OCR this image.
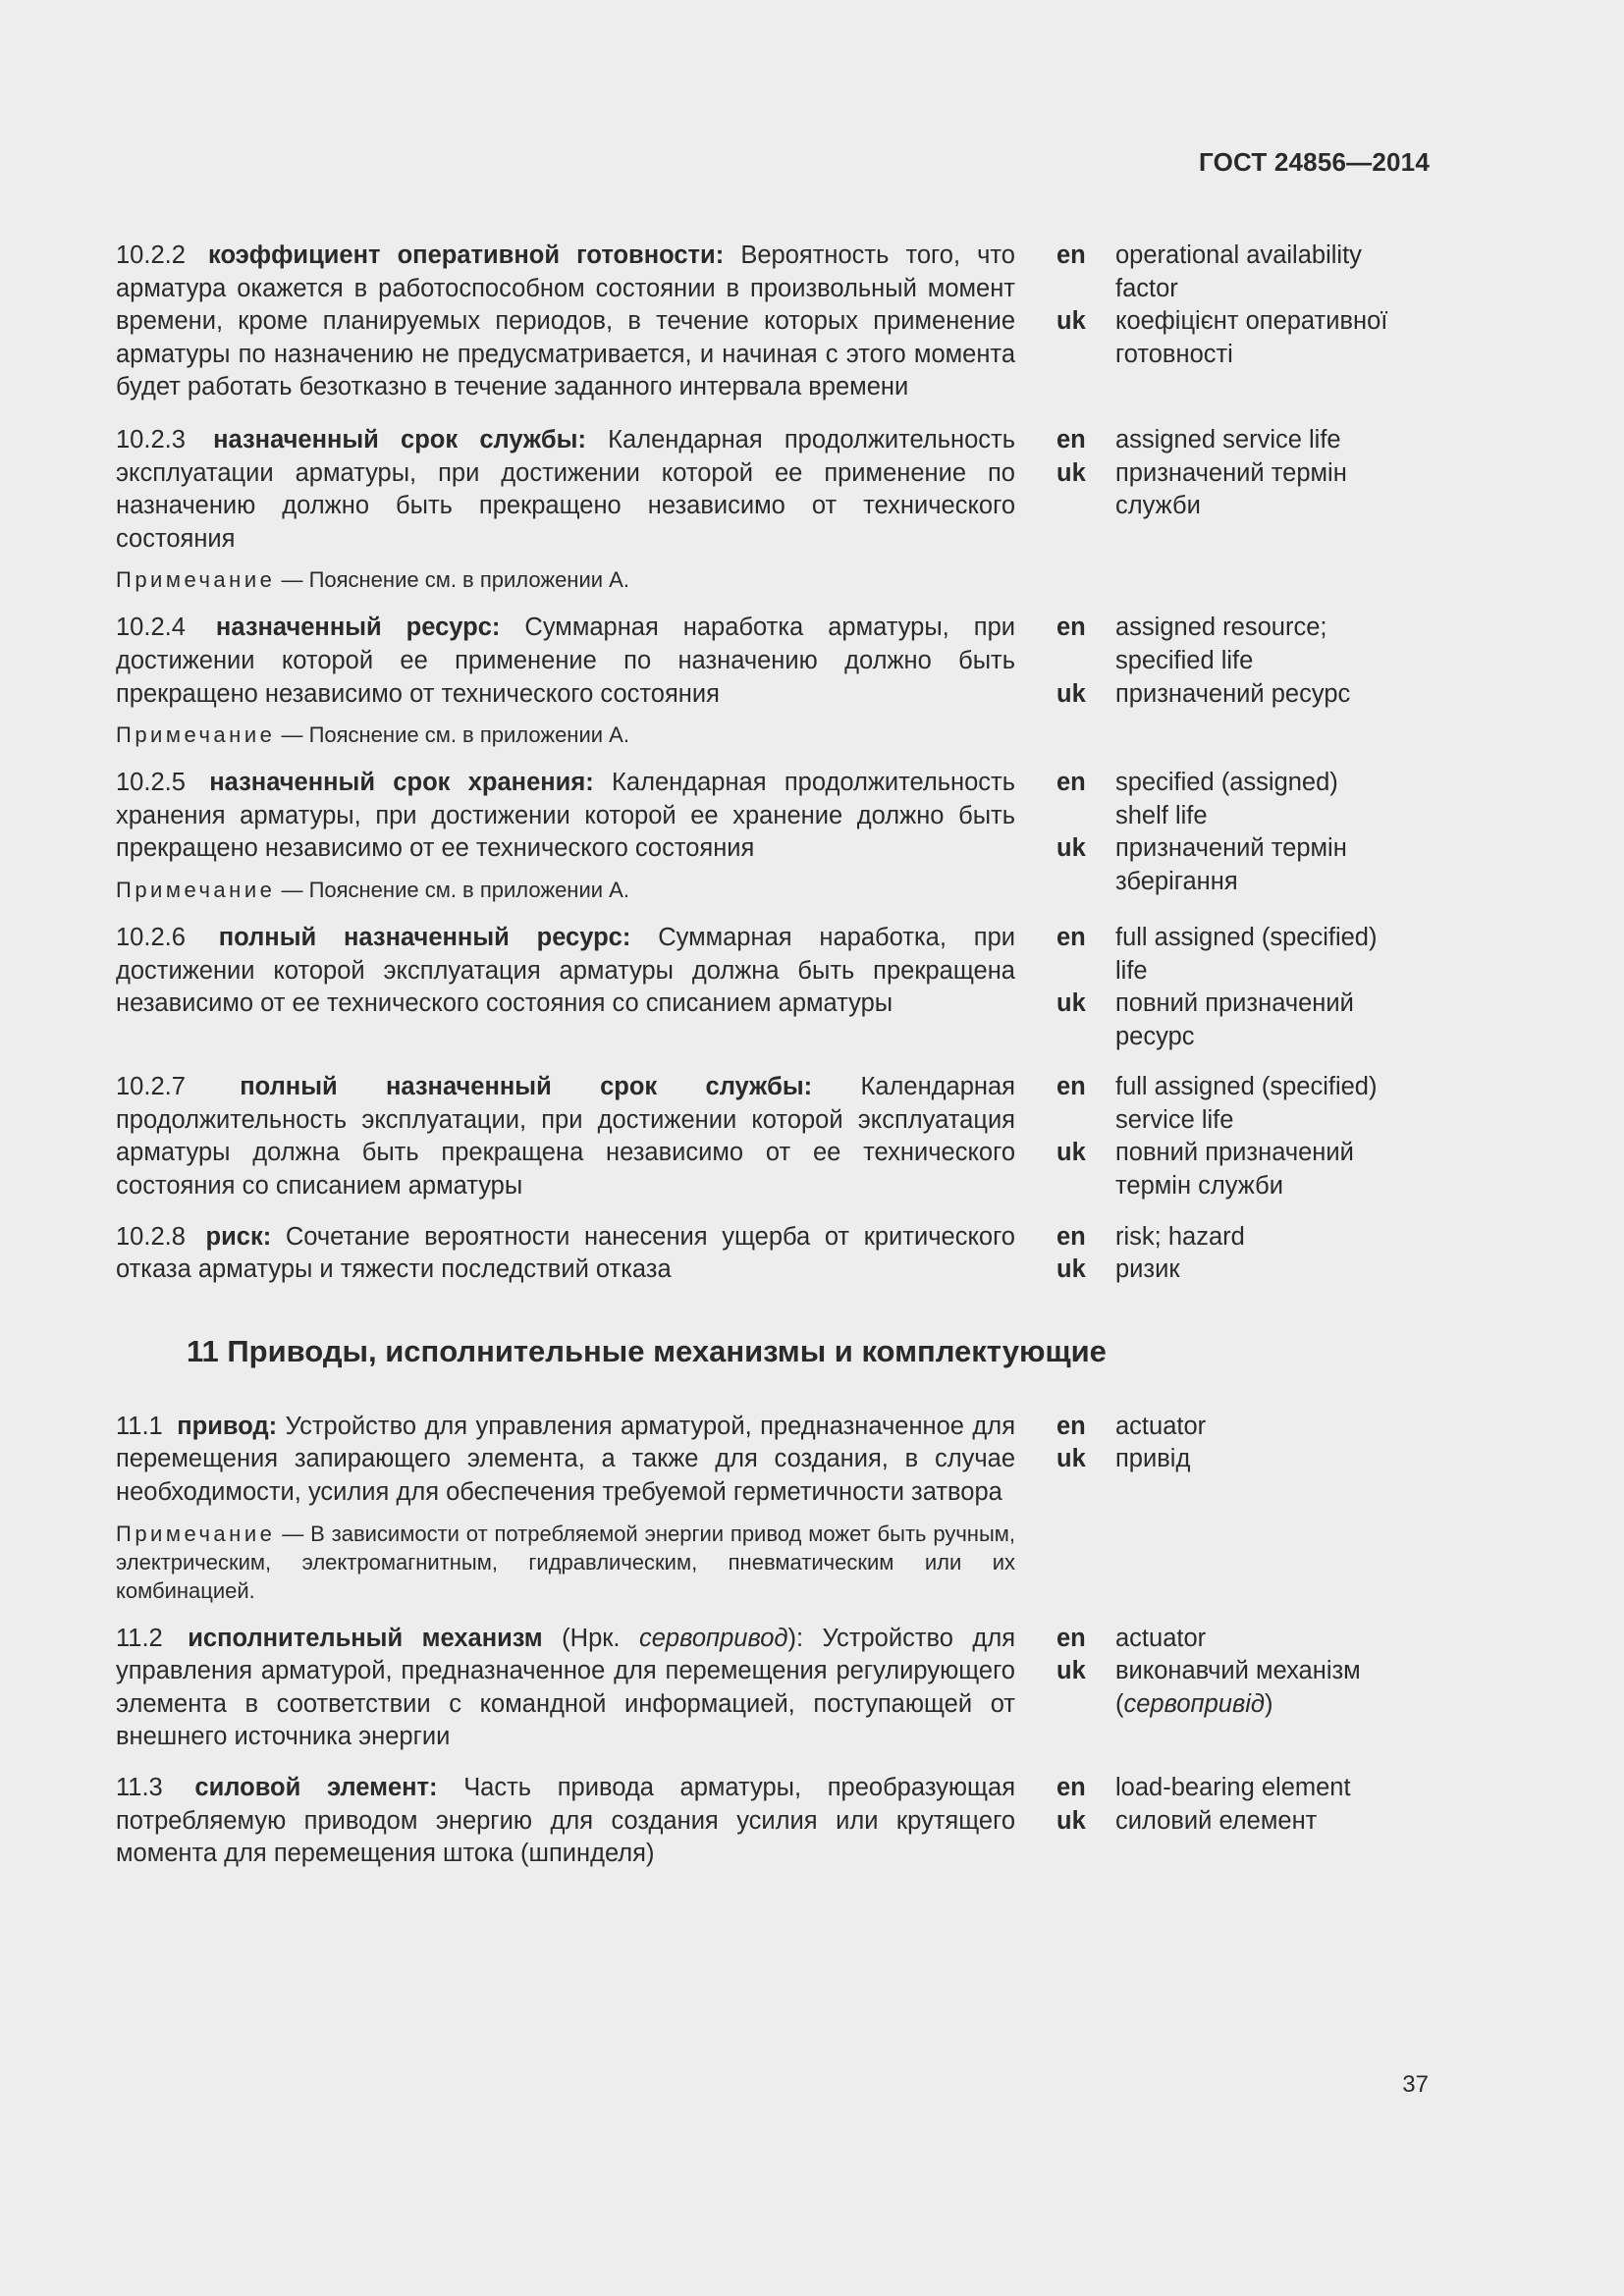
ГОСТ 24856—2014
10.2.2 коэффициент оперативной готовности: Вероятность того, что арматура окажется в работоспособном состоянии в произвольный момент времени, кроме планируемых периодов, в течение которых применение арматуры по назначению не предусматривается, и начиная с этого момента будет работать безотказно в течение заданного интервала времени
en	operational availability factor
uk	коефіцієнт оперативної готовності
10.2.3 назначенный срок службы: Календарная продолжительность эксплуатации арматуры, при достижении которой ее применение по назначению должно быть прекращено независимо от технического состояния
Примечание — Пояснение см. в приложении А.
en	assigned service life
uk	призначений термін служби
10.2.4 назначенный ресурс: Суммарная наработка арматуры, при достижении которой ее применение по назначению должно быть прекращено независимо от технического состояния
Примечание — Пояснение см. в приложении А.
en	assigned resource; specified life
uk	призначений ресурс
10.2.5 назначенный срок хранения: Календарная продолжительность хранения арматуры, при достижении которой ее хранение должно быть прекращено независимо от ее технического состояния
Примечание — Пояснение см. в приложении А.
en	specified (assigned) shelf life
uk	призначений термін зберігання
10.2.6 полный назначенный ресурс: Суммарная наработка, при достижении которой эксплуатация арматуры должна быть прекращена независимо от ее технического состояния со списанием арматуры
en	full assigned (specified) life
uk	повний призначений ресурс
10.2.7 полный назначенный срок службы: Календарная продолжительность эксплуатации, при достижении которой эксплуатация арматуры должна быть прекращена независимо от ее технического состояния со списанием арматуры
en	full assigned (specified) service life
uk	повний призначений термін служби
10.2.8 риск: Сочетание вероятности нанесения ущерба от критического отказа арматуры и тяжести последствий отказа
en	risk; hazard
uk	ризик
11 Приводы, исполнительные механизмы и комплектующие
11.1 привод: Устройство для управления арматурой, предназначенное для перемещения запирающего элемента, а также для создания, в случае необходимости, усилия для обеспечения требуемой герметичности затвора
Примечание — В зависимости от потребляемой энергии привод может быть ручным, электрическим, электромагнитным, гидравлическим, пневматическим или их комбинацией.
en	actuator
uk	привід
11.2 исполнительный механизм (Нрк. сервопривод): Устройство для управления арматурой, предназначенное для перемещения регулирующего элемента в соответствии с командной информацией, поступающей от внешнего источника энергии
en	actuator
uk	виконавчий механізм
(сервопривід)
11.3 силовой элемент: Часть привода арматуры, преобразующая потребляемую приводом энергию для создания усилия или крутящего момента для перемещения штока (шпинделя)
en	load-bearing element
uk	силовий елемент
37
